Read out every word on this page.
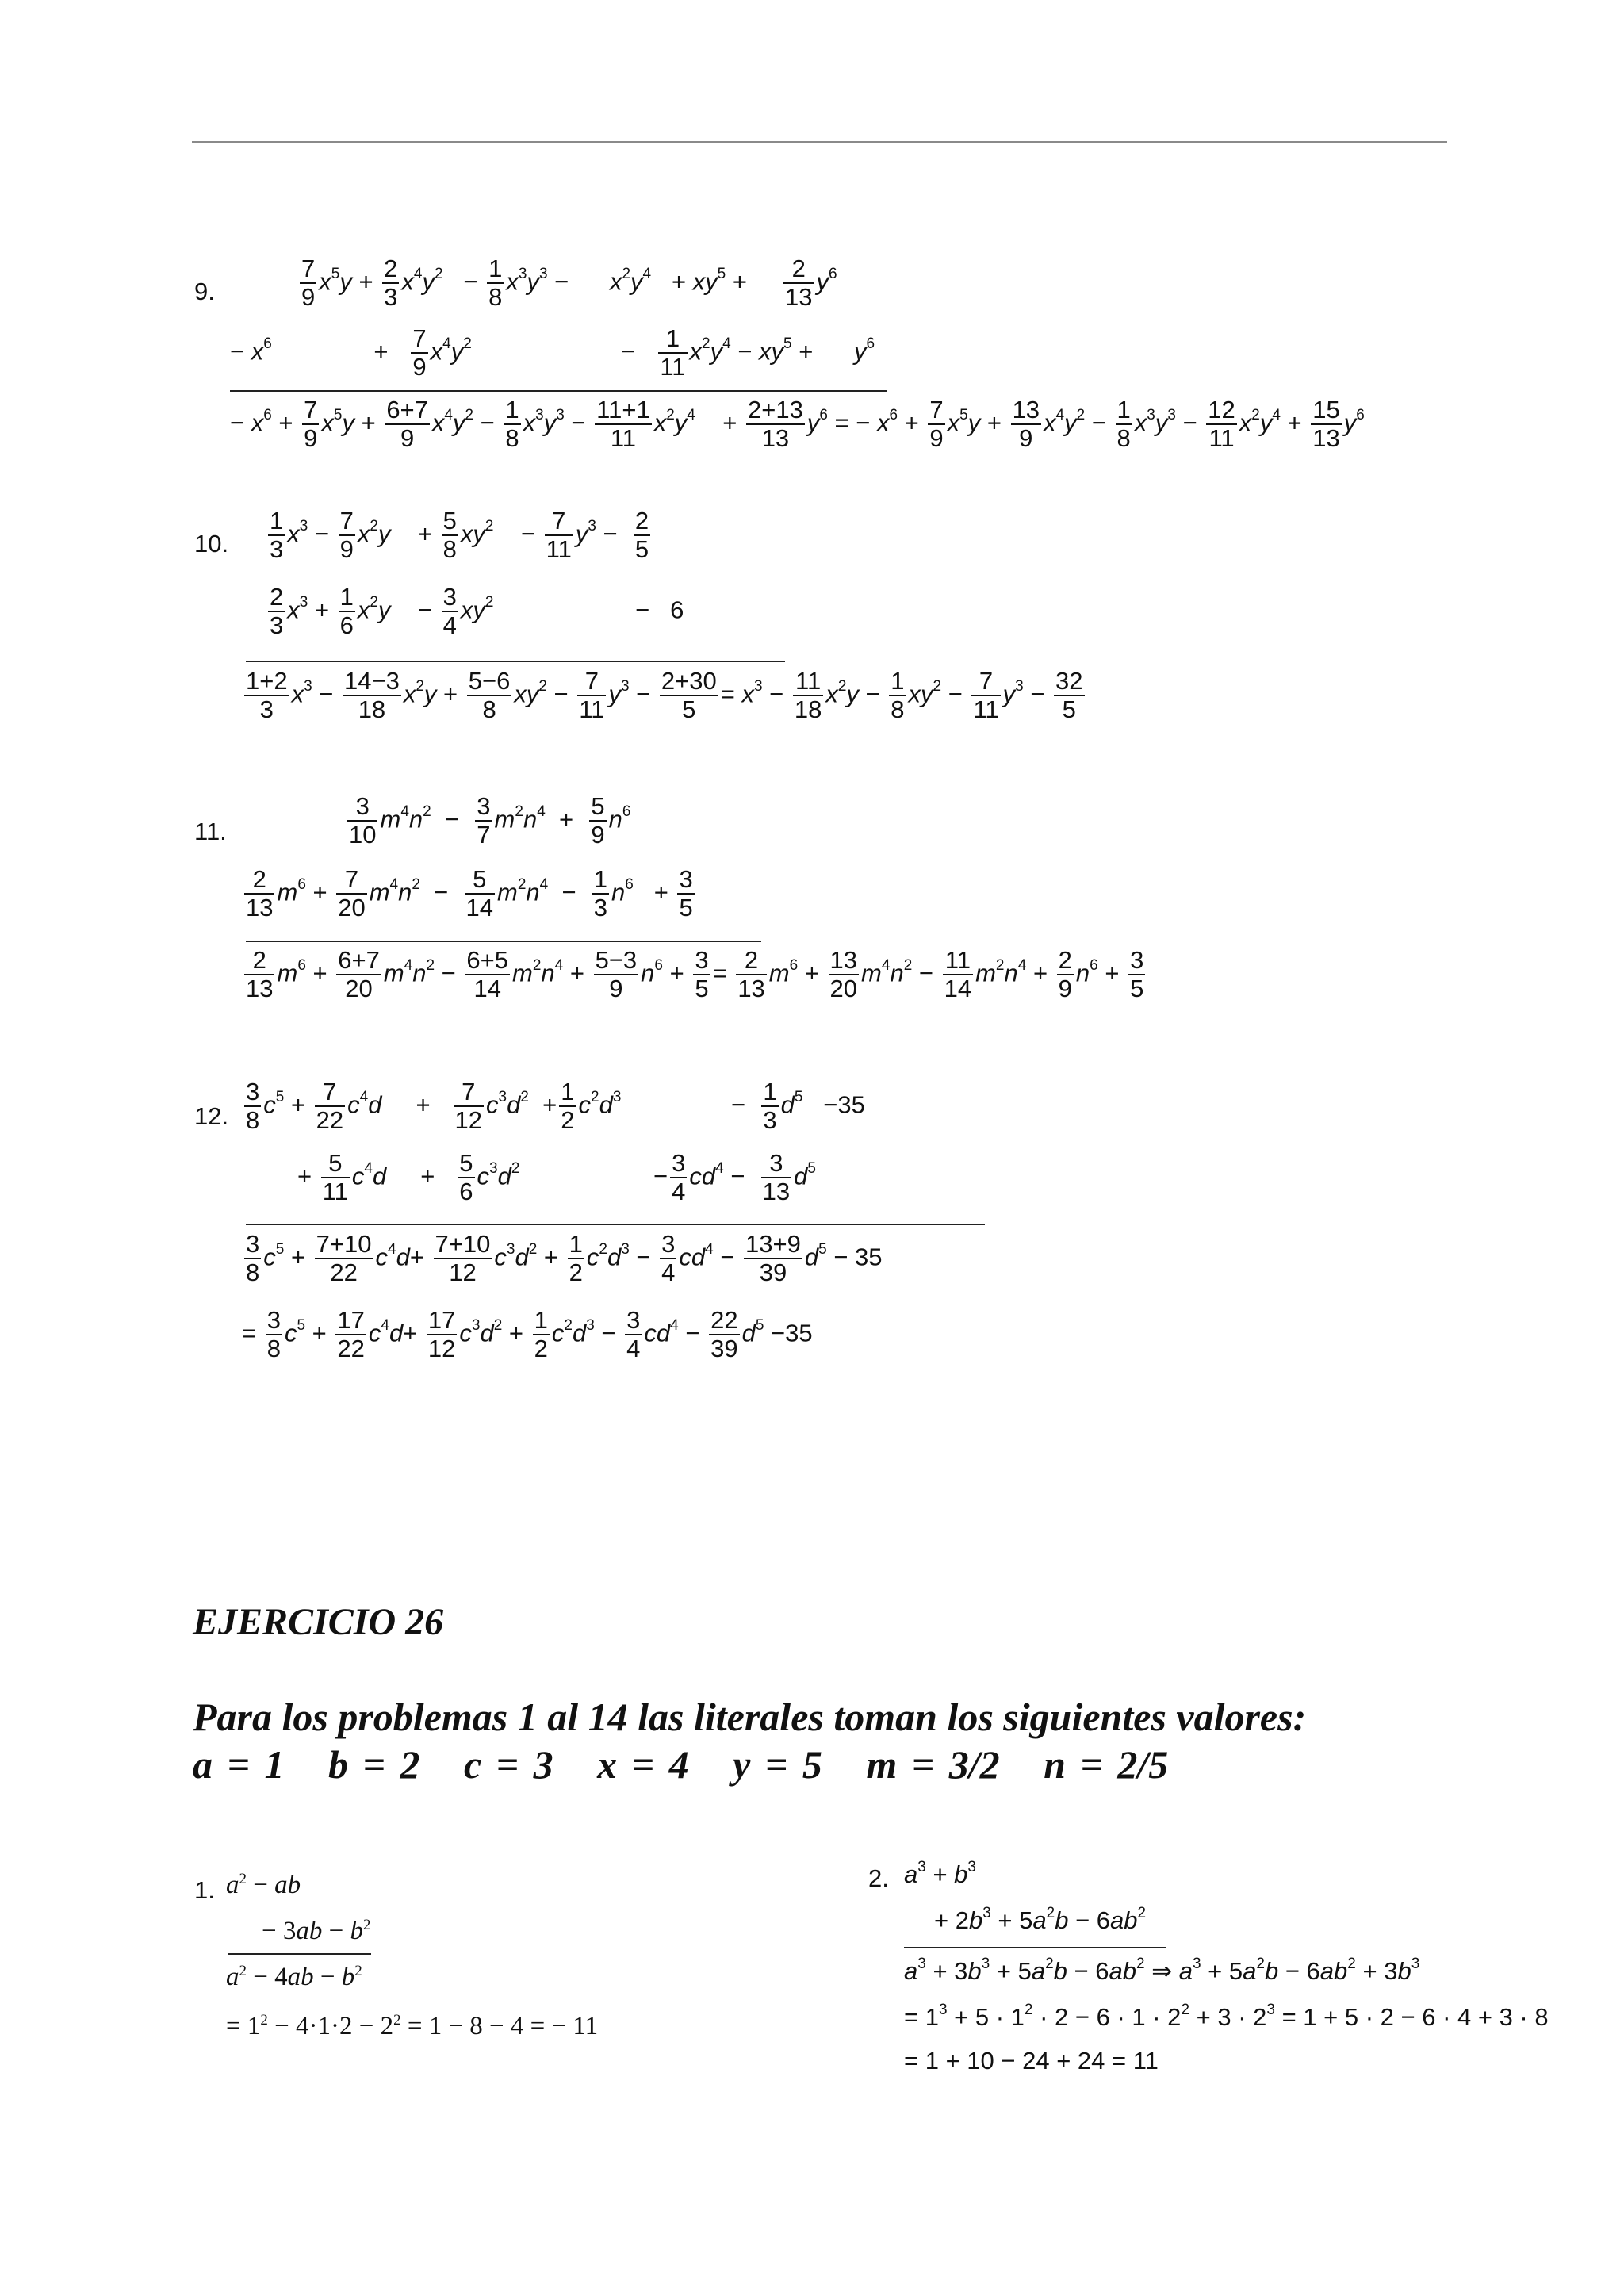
9.	$\frac{7}{9} x^5y + \frac{2}{3} x^4y^2 - \frac{1}{8} x^3y^3$ −      $x^2y^4 + xy^5 + \frac{2}{13} y^6$
− $x^6$	+ $\frac{7}{9} x^4y^2$	− $\frac{1}{11} x^2y^4 - xy^5$ +      $y^6$
− $x^6 + \frac{7}{9} x^5y + \frac{6+7}{9} x^4y^2 - \frac{1}{8} x^3y^3 - \frac{11+1}{11} x^2y^4$    + $\frac{2+13}{13} y^6$ = − $x^6 + \frac{7}{9} x^5y + \frac{13}{9} x^4y^2 - \frac{1}{8} x^3y^3 - \frac{12}{11} x^2y^4 + \frac{15}{13} y^6$
10. $\frac{1}{3} x^3 - \frac{7}{9} x^2y$    + $\frac{5}{8} xy^2$    − $\frac{7}{11} y^3 - \frac{2}{5}$
$\frac{2}{3} x^3 + \frac{1}{6} x^2y$    − $\frac{3}{4} xy^2$	−   6
$\frac{1+2}{3} x^3 - \frac{14-3}{18} x^2y + \frac{5-6}{8} xy^2 - \frac{7}{11} y^3 - \frac{2+30}{5} = x^3 - \frac{11}{18} x^2y - \frac{1}{8} xy^2 - \frac{7}{11} y^3 - \frac{32}{5}$
11.	$\frac{3}{10} m^4n^2 - \frac{3}{7} m^2n^4 + \frac{5}{9} n^6$
$\frac{2}{13} m^6 + \frac{7}{20} m^4n^2 - \frac{5}{14} m^2n^4 - \frac{1}{3} n^6 + \frac{3}{5}$
$\frac{2}{13} m^6 + \frac{6+7}{20} m^4n^2 - \frac{6+5}{14} m^2n^4 + \frac{5-3}{9} n^6 + \frac{3}{5} = \frac{2}{13} m^6 + \frac{13}{20} m^4n^2 - \frac{11}{14} m^2n^4 + \frac{2}{9} n^6 + \frac{3}{5}$
12. $\frac{3}{8} c^5 + \frac{7}{22} c^4d$     + $\frac{7}{12} c^3d^2 + \frac{1}{2} c^2d^3$	− $\frac{1}{3} d^5 -35$
+ $\frac{5}{11} c^4d$     + $\frac{5}{6} c^3d^2$	− $\frac{3}{4} cd^4 - \frac{3}{13} d^5$
$\frac{3}{8} c^5 + \frac{7+10}{22} c^4d+ \frac{7+10}{12} c^3d^2 + \frac{1}{2} c^2d^3 - \frac{3}{4} cd^4 - \frac{13+9}{39} d^5 - 35$
= $\frac{3}{8} c^5 + \frac{17}{22} c^4d+ \frac{17}{12} c^3d^2 + \frac{1}{2} c^2d^3 - \frac{3}{4} cd^4 - \frac{22}{39} d^5 -35$
EJERCICIO 26
Para los problemas 1 al 14 las literales toman los siguientes valores:
a = 1   b = 2   c = 3   x = 4   y = 5   m = 3/2   n = 2/5
1. $a^2$ − ab
− $3ab - b^2$
$a^2 - 4ab - b^2$
= $1^2 - 4\cdot 1\cdot 2 - 2^2 = 1 - 8 - 4$ = − 11
2. $a^3 + b^3$
+ $2b^3 + 5a^2b - 6ab^2$
$a^3 + 3b^3 + 5a^2b - 6ab^2$ ⇒ $a^3 + 5a^2b - 6ab^2 + 3b^3$
= $1^3 + 5 \cdot 1^2 \cdot 2 - 6 \cdot 1 \cdot 2^2 + 3 \cdot 2^3 = 1 + 5 \cdot 2 - 6 \cdot 4 + 3 \cdot 8$
= 1 + 10 − 24 + 24 = 11
